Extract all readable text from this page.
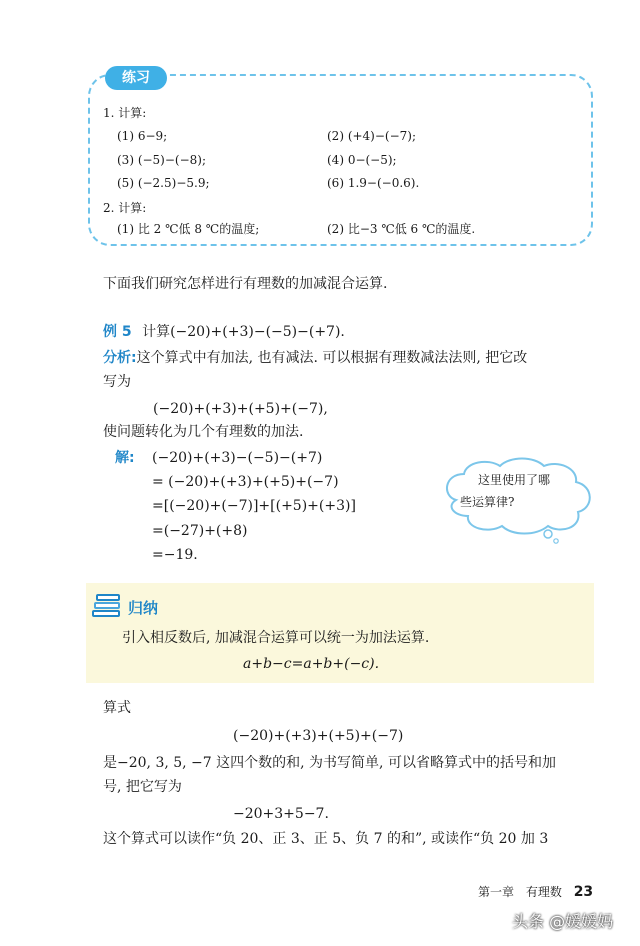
练习
1. 计算:
(1) 6−9;	(2) (+4)−(−7);
(3) (−5)−(−8);	(4) 0−(−5);
(5) (−2.5)−5.9;	(6) 1.9−(−0.6).
2. 计算:
(1) 比 2 ℃低 8 ℃的温度;	(2) 比−3 ℃低 6 ℃的温度.
下面我们研究怎样进行有理数的加减混合运算.
例 5 计算(−20)+(+3)−(−5)−(+7).
分析:这个算式中有加法, 也有减法. 可以根据有理数减法法则, 把它改
写为
(−20)+(+3)+(+5)+(−7),
使问题转化为几个有理数的加法.
解: (−20)+(+3)−(−5)−(+7)
= (−20)+(+3)+(+5)+(−7)
=[(−20)+(−7)]+[(+5)+(+3)]
=(−27)+(+8)
=−19.
这里使用了哪
些运算律?
归纳
引入相反数后, 加减混合运算可以统一为加法运算.
a+b−c=a+b+(−c).
算式
(−20)+(+3)+(+5)+(−7)
是−20, 3, 5, −7 这四个数的和, 为书写简单, 可以省略算式中的括号和加
号, 把它写为
−20+3+5−7.
这个算式可以读作“负 20、正 3、正 5、负 7 的和”, 或读作“负 20 加 3
第一章 有理数 23
头条 @媛媛妈
